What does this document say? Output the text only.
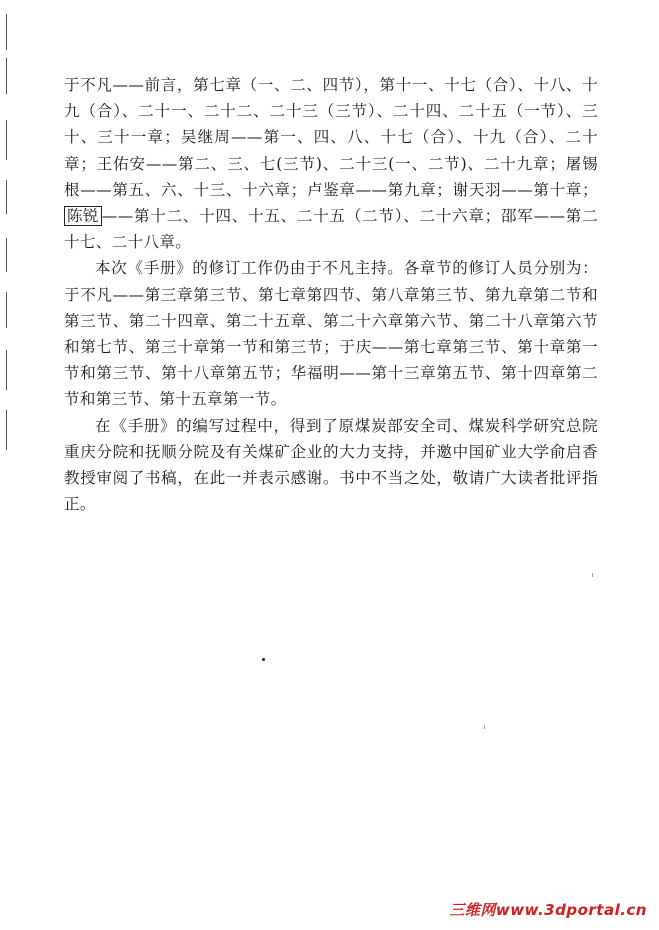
于不凡——前言，第七章（一、二、四节），第十一、十七（合）、十八、十九（合）、二十一、二十二、二十三（三节）、二十四、二十五（一节）、三十、三十一章；吴继周——第一、四、八、十七（合）、十九（合）、二十章；王佑安——第二、三、七(三节)、二十三(一、二节)、二十九章；屠锡根——第五、六、十三、十六章；卢鉴章——第九章；谢天羽——第十章；陈锐 ——第十二、十四、十五、二十五（二节）、二十六章；邵军——第二十七、二十八章。

本次《手册》的修订工作仍由于不凡主持。各章节的修订人员分别为：于不凡——第三章第三节、第七章第四节、第八章第三节、第九章第二节和第三节、第二十四章、第二十五章、第二十六章第六节、第二十八章第六节和第七节、第三十章第一节和第三节；于庆——第七章第三节、第十章第一节和第三节、第十八章第五节；华福明——第十三章第五节、第十四章第二节和第三节、第十五章第一节。

在《手册》的编写过程中，得到了原煤炭部安全司、煤炭科学研究总院重庆分院和抚顺分院及有关煤矿企业的大力支持，并邀中国矿业大学俞启香教授审阅了书稿，在此一并表示感谢。书中不当之处，敬请广大读者批评指正。

三维网www.3dportal.cn
